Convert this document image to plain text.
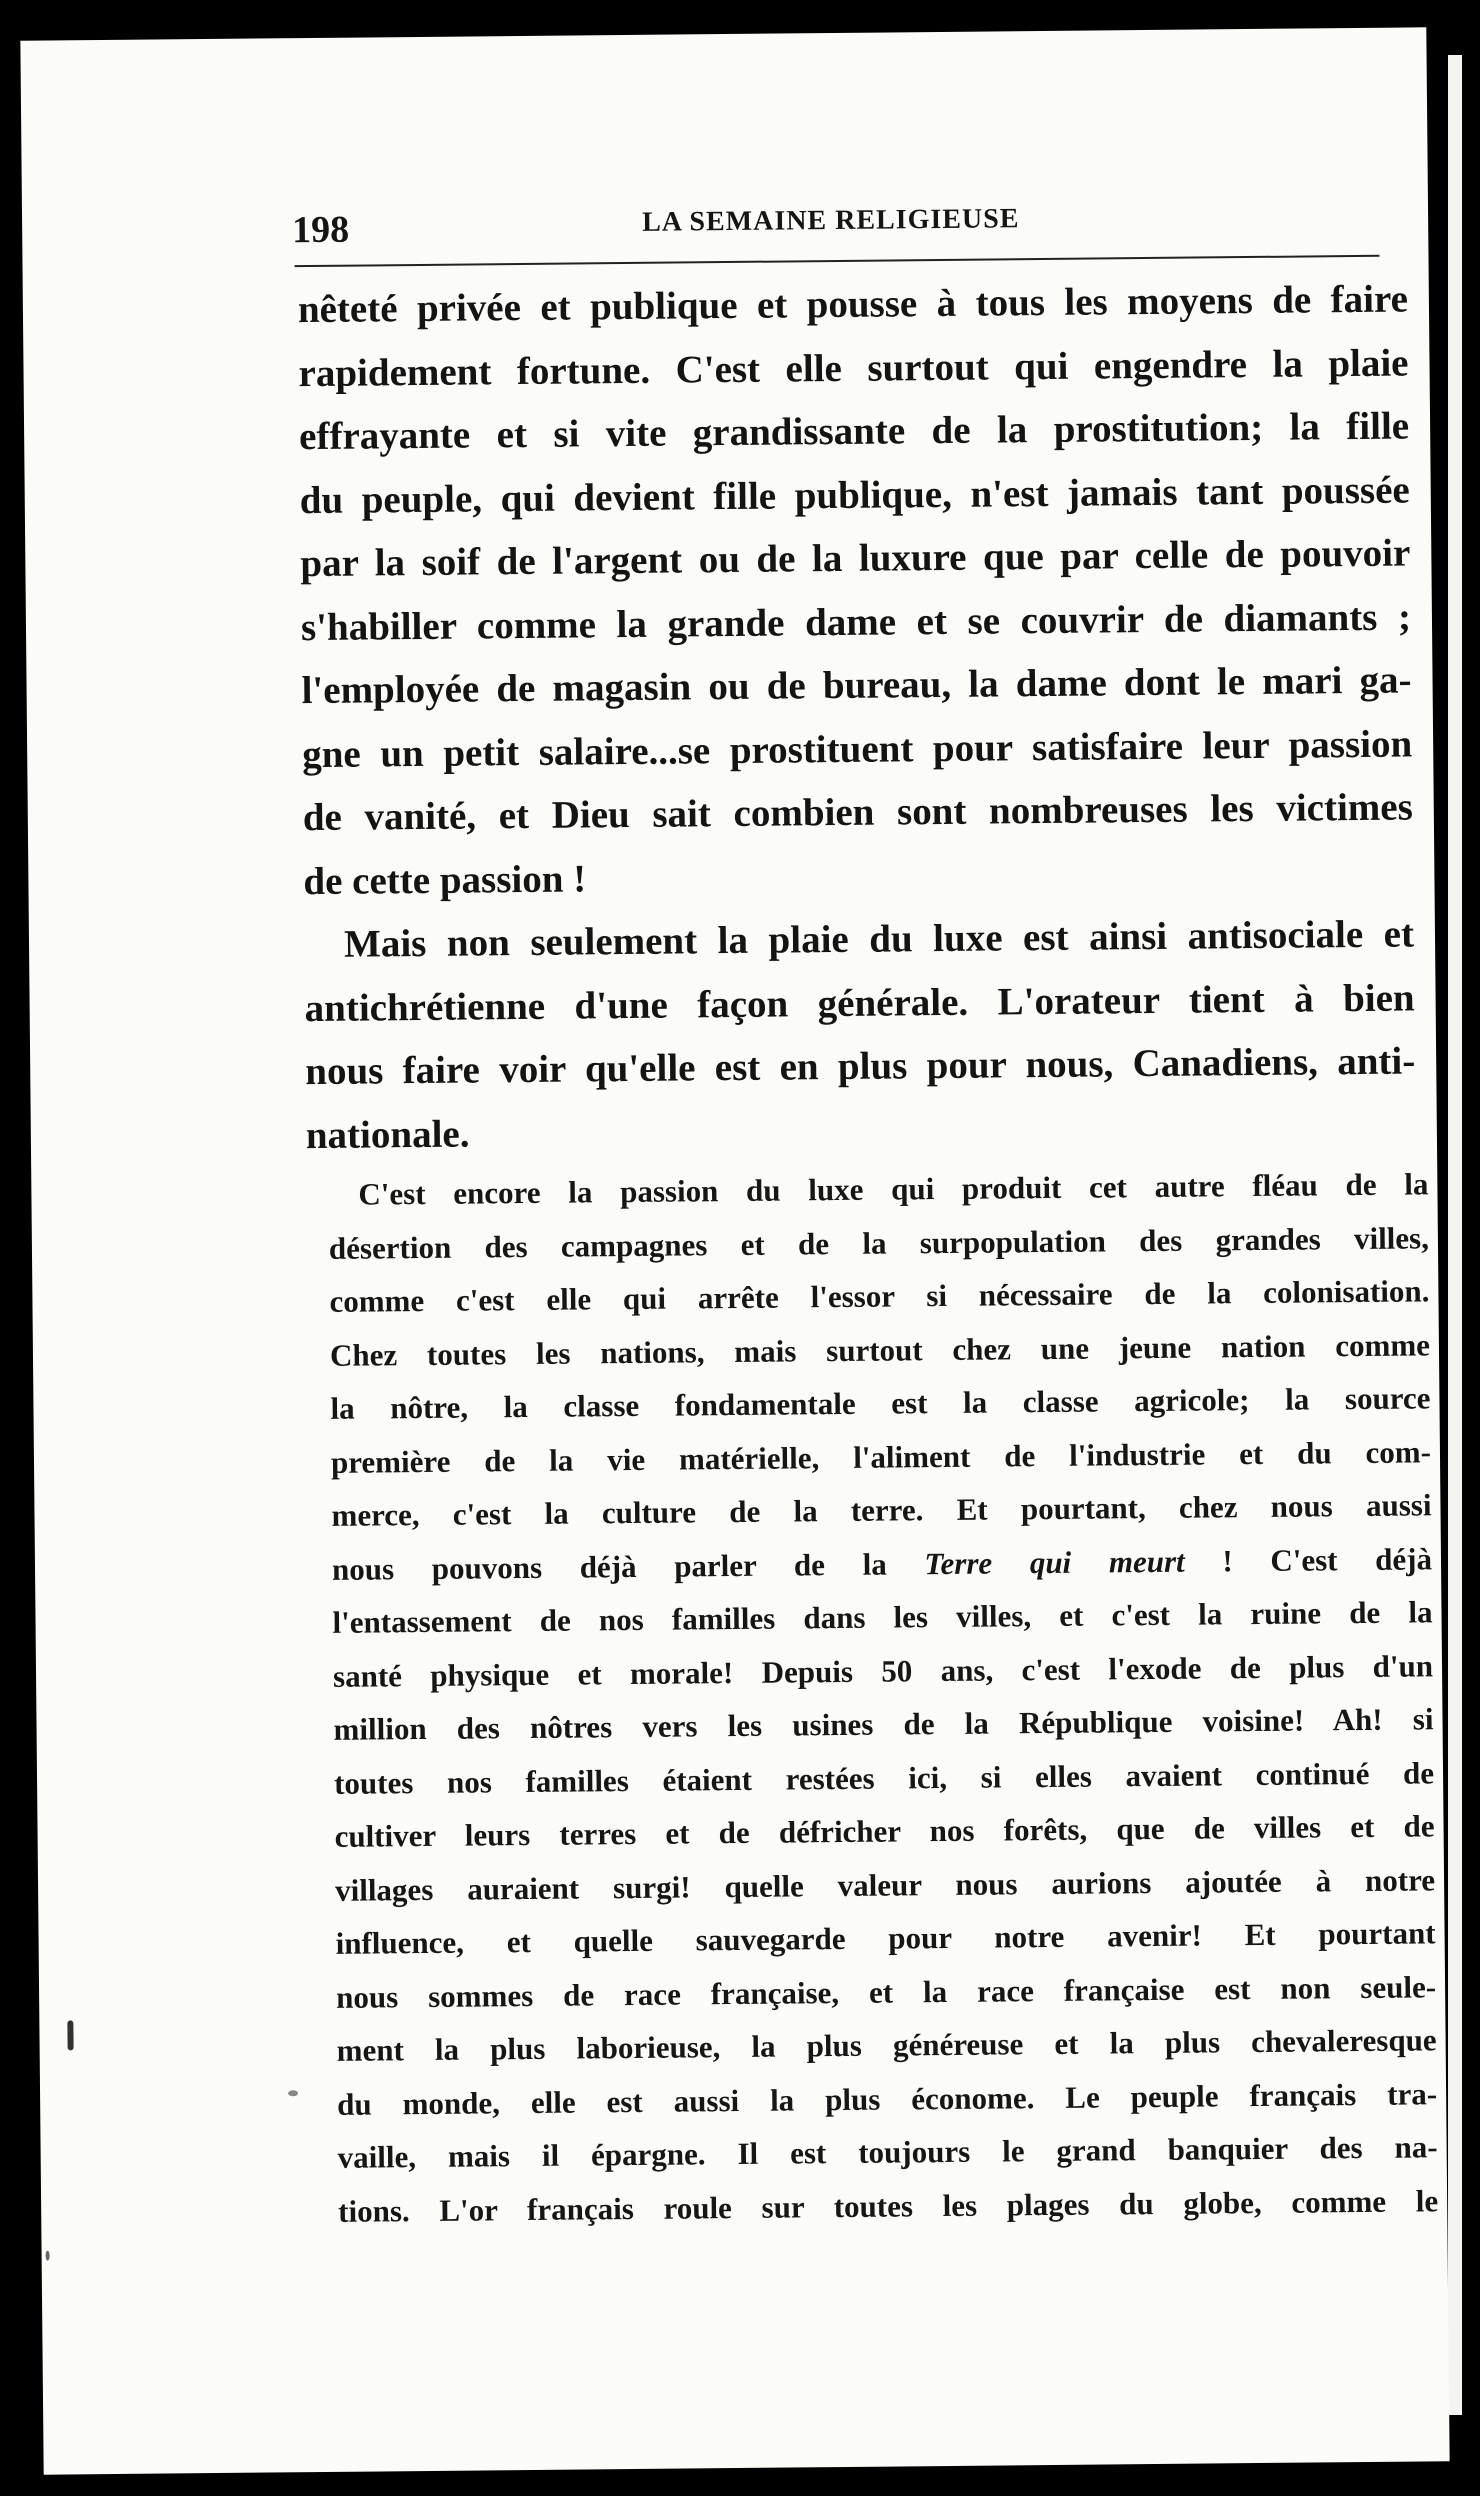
198	LA SEMAINE RELIGIEUSE

nêteté privée et publique et pousse à tous les moyens de faire
rapidement fortune. C'est elle surtout qui engendre la plaie
effrayante et si vite grandissante de la prostitution; la fille
du peuple, qui devient fille publique, n'est jamais tant poussée
par la soif de l'argent ou de la luxure que par celle de pouvoir
s'habiller comme la grande dame et se couvrir de diamants ;
l'employée de magasin ou de bureau, la dame dont le mari ga-
gne un petit salaire...se prostituent pour satisfaire leur passion
de vanité, et Dieu sait combien sont nombreuses les victimes
de cette passion !

Mais non seulement la plaie du luxe est ainsi antisociale et
antichrétienne d'une façon générale. L'orateur tient à bien
nous faire voir qu'elle est en plus pour nous, Canadiens, anti-
nationale.

C'est encore la passion du luxe qui produit cet autre fléau de la
désertion des campagnes et de la surpopulation des grandes villes,
comme c'est elle qui arrête l'essor si nécessaire de la colonisation.
Chez toutes les nations, mais surtout chez une jeune nation comme
la nôtre, la classe fondamentale est la classe agricole; la source
première de la vie matérielle, l'aliment de l'industrie et du com-
merce, c'est la culture de la terre. Et pourtant, chez nous aussi
nous pouvons déjà parler de la Terre qui meurt ! C'est déjà
l'entassement de nos familles dans les villes, et c'est la ruine de la
santé physique et morale! Depuis 50 ans, c'est l'exode de plus d'un
million des nôtres vers les usines de la République voisine! Ah! si
toutes nos familles étaient restées ici, si elles avaient continué de
cultiver leurs terres et de défricher nos forêts, que de villes et de
villages auraient surgi! quelle valeur nous aurions ajoutée à notre
influence, et quelle sauvegarde pour notre avenir! Et pourtant
nous sommes de race française, et la race française est non seule-
ment la plus laborieuse, la plus généreuse et la plus chevaleresque
du monde, elle est aussi la plus économe. Le peuple français tra-
vaille, mais il épargne. Il est toujours le grand banquier des na-
tions. L'or français roule sur toutes les plages du globe, comme le
